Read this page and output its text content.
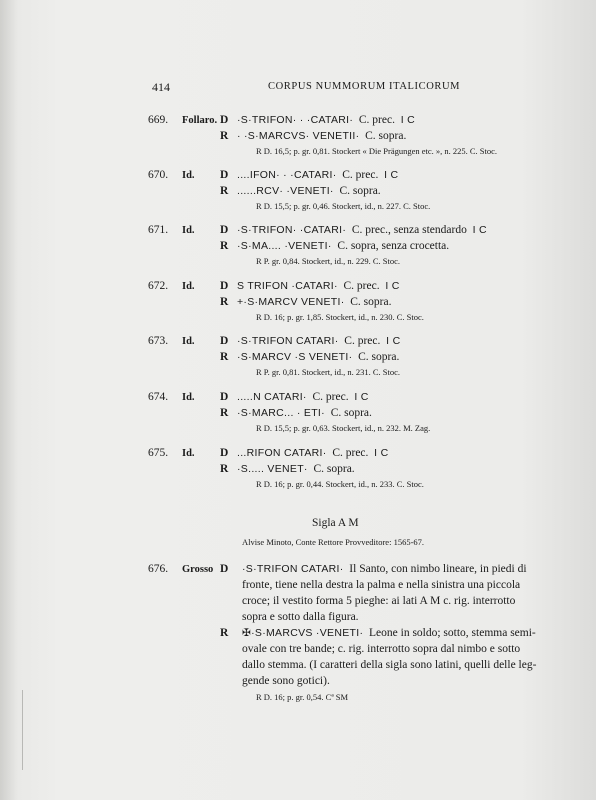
414	CORPUS NUMMORUM ITALICORUM
669. Follaro. D ·S·TRIFON· · ·CATARI· C. prec. I C
R · ·S·MARCVS· VENETII· C. sopra.
R D. 16,5; p. gr. 0,81. Stockert « Die Prägungen etc. », n. 225. C. Stoc.
670. Id. D ....IFON· · ·CATARI· C. prec. I C
R ......RCV· ·VENETI· C. sopra.
R D. 15,5; p. gr. 0,46. Stockert, id., n. 227. C. Stoc.
671. Id. D ·S·TRIFON· ·CATARI· C. prec., senza stendardo I C
R ·S·MA.... ·VENETI· C. sopra, senza crocetta.
R P. gr. 0,84. Stockert, id., n. 229. C. Stoc.
672. Id. D S TRIFON ·CATARI· C. prec. I C
R +·S·MARCV VENETI· C. sopra.
R D. 16; p. gr. 1,85. Stockert, id., n. 230. C. Stoc.
673. Id. D ·S·TRIFON CATARI· C. prec. I C
R ·S·MARCV ·S VENETI· C. sopra.
R P. gr. 0,81. Stockert, id., n. 231. C. Stoc.
674. Id. D .....N CATARI· C. prec. I C
R ·S·MARC... · ETI· C. sopra.
R D. 15,5; p. gr. 0,63. Stockert, id., n. 232. M. Zag.
675. Id. D ...RIFON CATARI· C. prec. I C
R ·S..... VENET· C. sopra.
R D. 16; p. gr. 0,44. Stockert, id., n. 233. C. Stoc.
Sigla A M
Alvise Minoto, Conte Rettore Provveditore: 1565-67.
676. Grosso D ·S·TRIFON CATARI· Il Santo, con nimbo lineare, in piedi di
fronte, tiene nella destra la palma e nella sinistra una piccola
croce; il vestito forma 5 pieghe: ai lati A M c. rig. interrotto
sopra e sotto dalla figura.
R ✠·S·MARCVS ·VENETI· Leone in soldo; sotto, stemma semi-
ovale con tre bande; c. rig. interrotto sopra dal nimbo e sotto
dallo stemma. (I caratteri della sigla sono latini, quelli delle leg-
gende sono gotici).
R D. 16; p. gr. 0,54. Cª SM
